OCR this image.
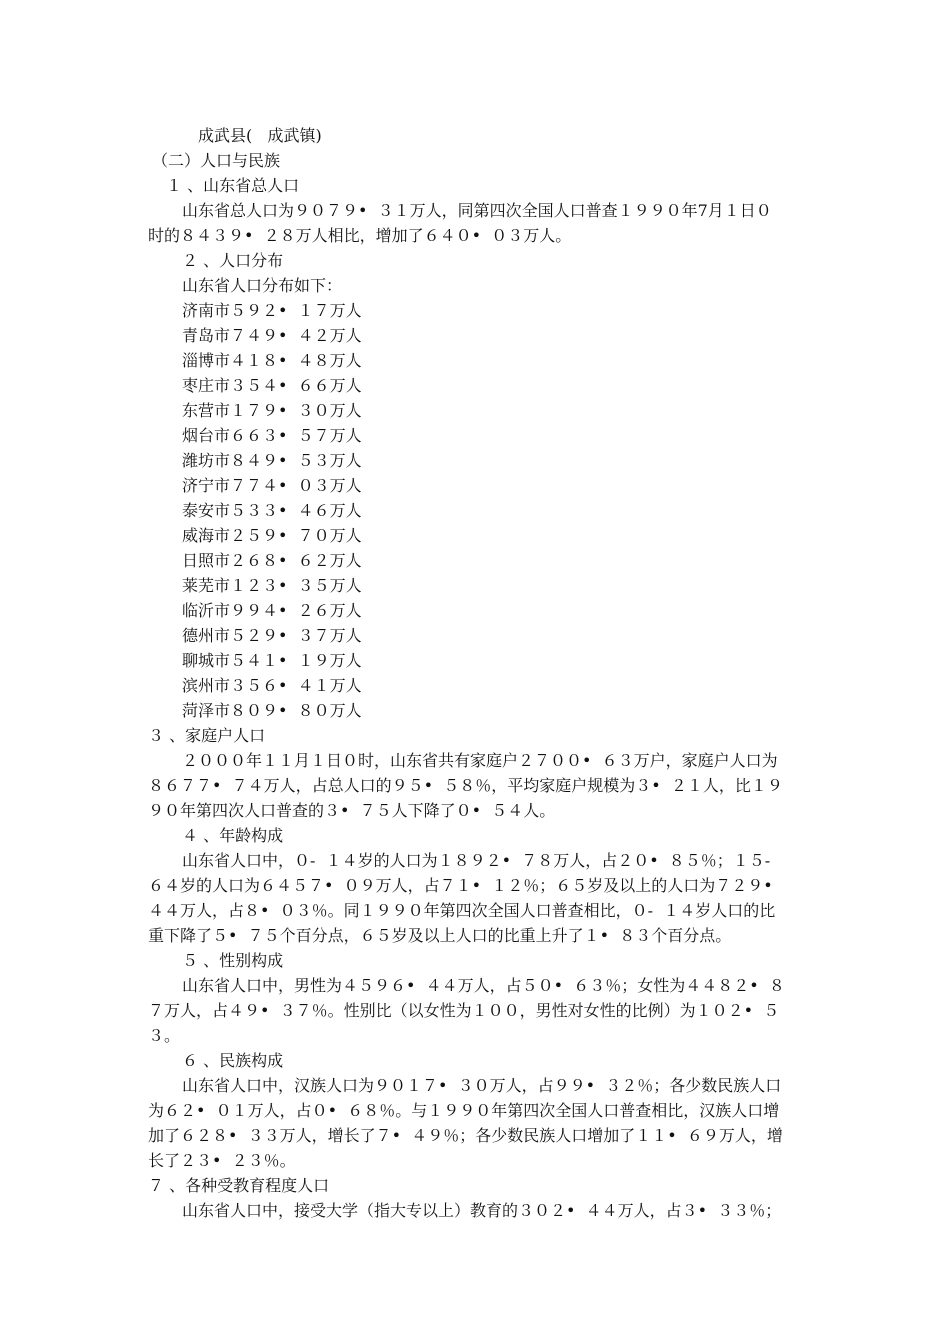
成武县(   成武镇)
（二）人口与民族
１ 、山东省总人口
山东省总人口为９０７９•  ３１万人，同第四次全国人口普查１９９０年7月１日０
时的８４３９•  ２８万人相比，增加了６４０•  ０３万人。
２ 、人口分布
山东省人口分布如下：
济南市５９２•  １７万人
青岛市７４９•  ４２万人
淄博市４１８•  ４８万人
枣庄市３５４•  ６６万人
东营市１７９•  ３０万人
烟台市６６３•  ５７万人
潍坊市８４９•  ５３万人
济宁市７７４•  ０３万人
泰安市５３３•  ４６万人
威海市２５９•  ７０万人
日照市２６８•  ６２万人
莱芜市１２３•  ３５万人
临沂市９９４•  ２６万人
德州市５２９•  ３７万人
聊城市５４１•  １９万人
滨州市３５６•  ４１万人
菏泽市８０９•  ８０万人
３ 、家庭户人口
２０００年１１月１日０时，山东省共有家庭户２７００•  ６３万户，家庭户人口为
８６７７•  ７４万人，占总人口的９５•  ５８％，平均家庭户规模为３•  ２１人，比１９
９０年第四次人口普查的３•  ７５人下降了０•  ５４人。
４ 、年龄构成
山东省人口中，０-  １４岁的人口为１８９２•  ７８万人，占２０•  ８５％；１５-
６４岁的人口为６４５７•  ０９万人，占７１•  １２％；６５岁及以上的人口为７２９•
４４万人，占８•  ０３％。同１９９０年第四次全国人口普查相比，０-  １４岁人口的比
重下降了５•  ７５个百分点，６５岁及以上人口的比重上升了１•  ８３个百分点。
５ 、性别构成
山东省人口中，男性为４５９６•  ４４万人，占５０•  ６３％；女性为４４８２•  ８
７万人，占４９•  ３７％。性别比（以女性为１００，男性对女性的比例）为１０２•  ５
３。
６ 、民族构成
山东省人口中，汉族人口为９０１７•  ３０万人，占９９•  ３２％；各少数民族人口
为６２•  ０１万人，占０•  ６８％。与１９９０年第四次全国人口普查相比，汉族人口增
加了６２８•  ３３万人，增长了７•  ４９％；各少数民族人口增加了１１•  ６９万人，增
长了２３•  ２３％。
７ 、各种受教育程度人口
山东省人口中，接受大学（指大专以上）教育的３０２•  ４４万人，占３•  ３３％；
